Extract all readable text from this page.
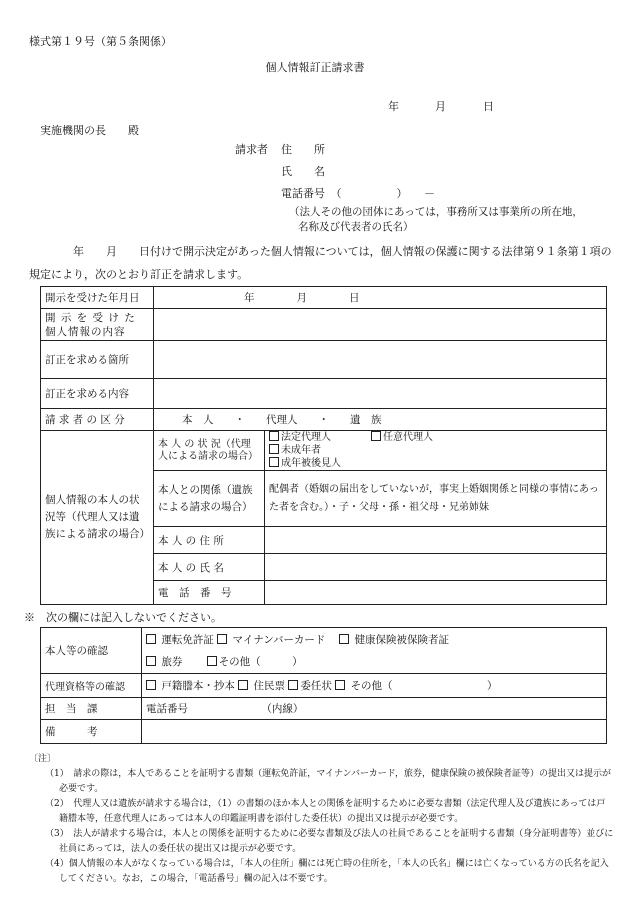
様式第１９号（第５条関係）
個人情報訂正請求書
年	月	日
実施機関の長　　殿
請求者 住　　所
氏　　名
電話番号　（　　　　　）　　－
（法人その他の団体にあっては，事務所又は事業所の所在地，
名称及び代表者の氏名）
　　　　年　　月　　日付けで開示決定があった個人情報については，個人情報の保護に関する法律第９１条第１項の規定により，次のとおり訂正を請求します。
開示を受けた年月日	年　　　　月　　　　日	
開 示 を 受 け た 個人情報の内容		
訂正を求める箇所		
訂正を求める内容		
請 求 者 の 区 分	本　人　　・　　代理人　　・　　遺　族	
個人情報の本人の状況等（代理人又は遺族による請求の場合）	本 人 の 状 況（代理人による請求の場合）	法定代理人　　　　 任意代理人
未成年者
成年被後見人

	本人との関係（遺族による請求の場合）	配偶者（婚姻の届出をしていないが，事実上婚姻関係と同様の事情にあった者を含む。）・子・父母・孫・祖父母・兄弟姉妹
	本 人 の 住 所	
	本 人 の 氏 名	
	電　話　番　号	
※　次の欄には記入しないでください。
本人等の確認	運転免許証 マイナンバーカード　 健康保険被保険者証
旅券　　 その他（　　　）

代理資格等の確認	戸籍謄本・抄本 住民票 委任状 その他（　　　　　　　　　）
担　当　課	電話番号 （内線）
備　　　考	
〔注〕
（1）　請求の際は，本人であることを証明する書類（運転免許証，マイナンバーカード，旅券，健康保険の被保険者証等）の提出又は提示が必要です。
（2）　代理人又は遺族が請求する場合は，（1）の書類のほか本人との関係を証明するために必要な書類（法定代理人及び遺族にあっては戸籍謄本等，任意代理人にあっては本人の印鑑証明書を添付した委任状）の提出又は提示が必要です。
（3）　法人が請求する場合は，本人との関係を証明するために必要な書類及び法人の社員であることを証明する書類（身分証明書等）並びに社員にあっては，法人の委任状の提出又は提示が必要です。
（4）個人情報の本人がなくなっている場合は，「本人の住所」欄には死亡時の住所を，「本人の氏名」欄には亡くなっている方の氏名を記入してください。なお，この場合，「電話番号」欄の記入は不要です。
